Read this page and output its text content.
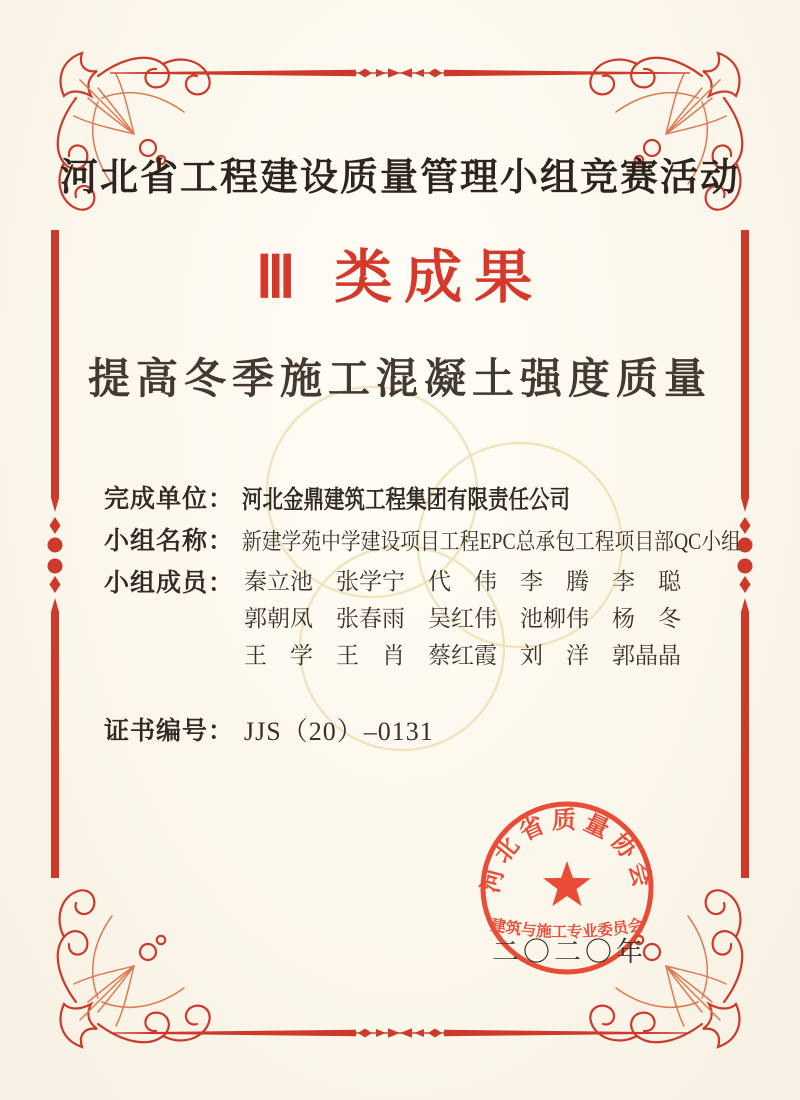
河北省工程建设质量管理小组竞赛活动
Ⅲ 类成果
提高冬季施工混凝土强度质量
完成单位： 河北金鼎建筑工程集团有限责任公司
小组名称： 新建学苑中学建设项目工程EPC总承包工程项目部QC小组
小组成员： 秦立池　张学宁　代　伟　李　腾　李　聪
郭朝凤　张春雨　吴红伟　池柳伟　杨　冬
王　学　王　肖　蔡红霞　刘　洋　郭晶晶
证书编号： JJS（20）–0131
河北省质量协会
建筑与施工专业委员会
二〇二〇年
